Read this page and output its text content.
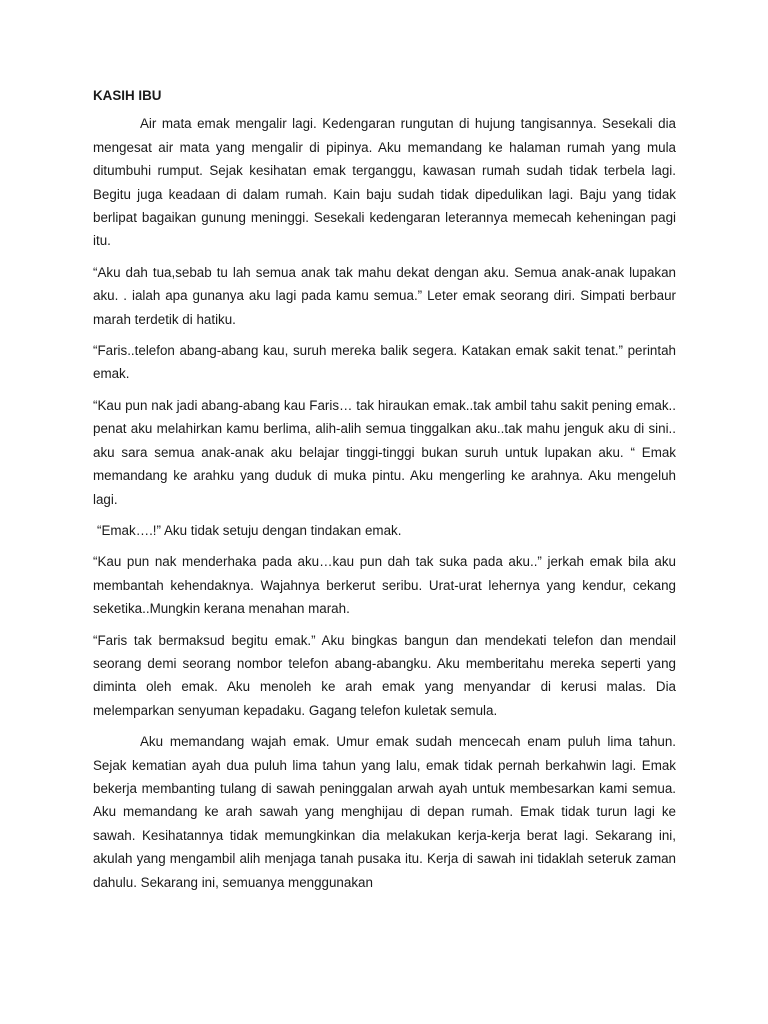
KASIH IBU

Air mata emak mengalir lagi. Kedengaran rungutan di hujung tangisannya. Sesekali dia mengesat air mata yang mengalir di pipinya. Aku memandang ke halaman rumah yang mula ditumbuhi rumput. Sejak kesihatan emak terganggu, kawasan rumah sudah tidak terbela lagi. Begitu juga keadaan di dalam rumah. Kain baju sudah tidak dipedulikan lagi. Baju yang tidak berlipat bagaikan gunung meninggi. Sesekali kedengaran leterannya memecah keheningan pagi itu.

“Aku dah tua,sebab tu lah semua anak tak mahu dekat dengan aku. Semua anak-anak lupakan aku. . ialah apa gunanya aku lagi pada kamu semua.” Leter emak seorang diri. Simpati berbaur marah terdetik di hatiku.

“Faris..telefon abang-abang kau, suruh mereka balik segera. Katakan emak sakit tenat.” perintah emak.

“Kau pun nak jadi abang-abang kau Faris… tak hiraukan emak..tak ambil tahu sakit pening emak.. penat aku melahirkan kamu berlima, alih-alih semua tinggalkan aku..tak mahu jenguk aku di sini.. aku sara semua anak-anak aku belajar tinggi-tinggi bukan suruh untuk lupakan aku. “ Emak memandang ke arahku yang duduk di muka pintu. Aku mengerling ke arahnya. Aku mengeluh lagi.

“Emak….!” Aku tidak setuju dengan tindakan emak.

“Kau pun nak menderhaka pada aku…kau pun dah tak suka pada aku..” jerkah emak bila aku membantah kehendaknya. Wajahnya berkerut seribu. Urat-urat lehernya yang kendur, cekang seketika..Mungkin kerana menahan marah.

“Faris tak bermaksud begitu emak.” Aku bingkas bangun dan mendekati telefon dan mendail seorang demi seorang nombor telefon abang-abangku. Aku memberitahu mereka seperti yang diminta oleh emak. Aku menoleh ke arah emak yang menyandar di kerusi malas. Dia melemparkan senyuman kepadaku. Gagang telefon kuletak semula.

Aku memandang wajah emak. Umur emak sudah mencecah enam puluh lima tahun. Sejak kematian ayah dua puluh lima tahun yang lalu, emak tidak pernah berkahwin lagi. Emak bekerja membanting tulang di sawah peninggalan arwah ayah untuk membesarkan kami semua. Aku memandang ke arah sawah yang menghijau di depan rumah. Emak tidak turun lagi ke sawah. Kesihatannya tidak memungkinkan dia melakukan kerja-kerja berat lagi. Sekarang ini, akulah yang mengambil alih menjaga tanah pusaka itu. Kerja di sawah ini tidaklah seteruk zaman dahulu. Sekarang ini, semuanya menggunakan
